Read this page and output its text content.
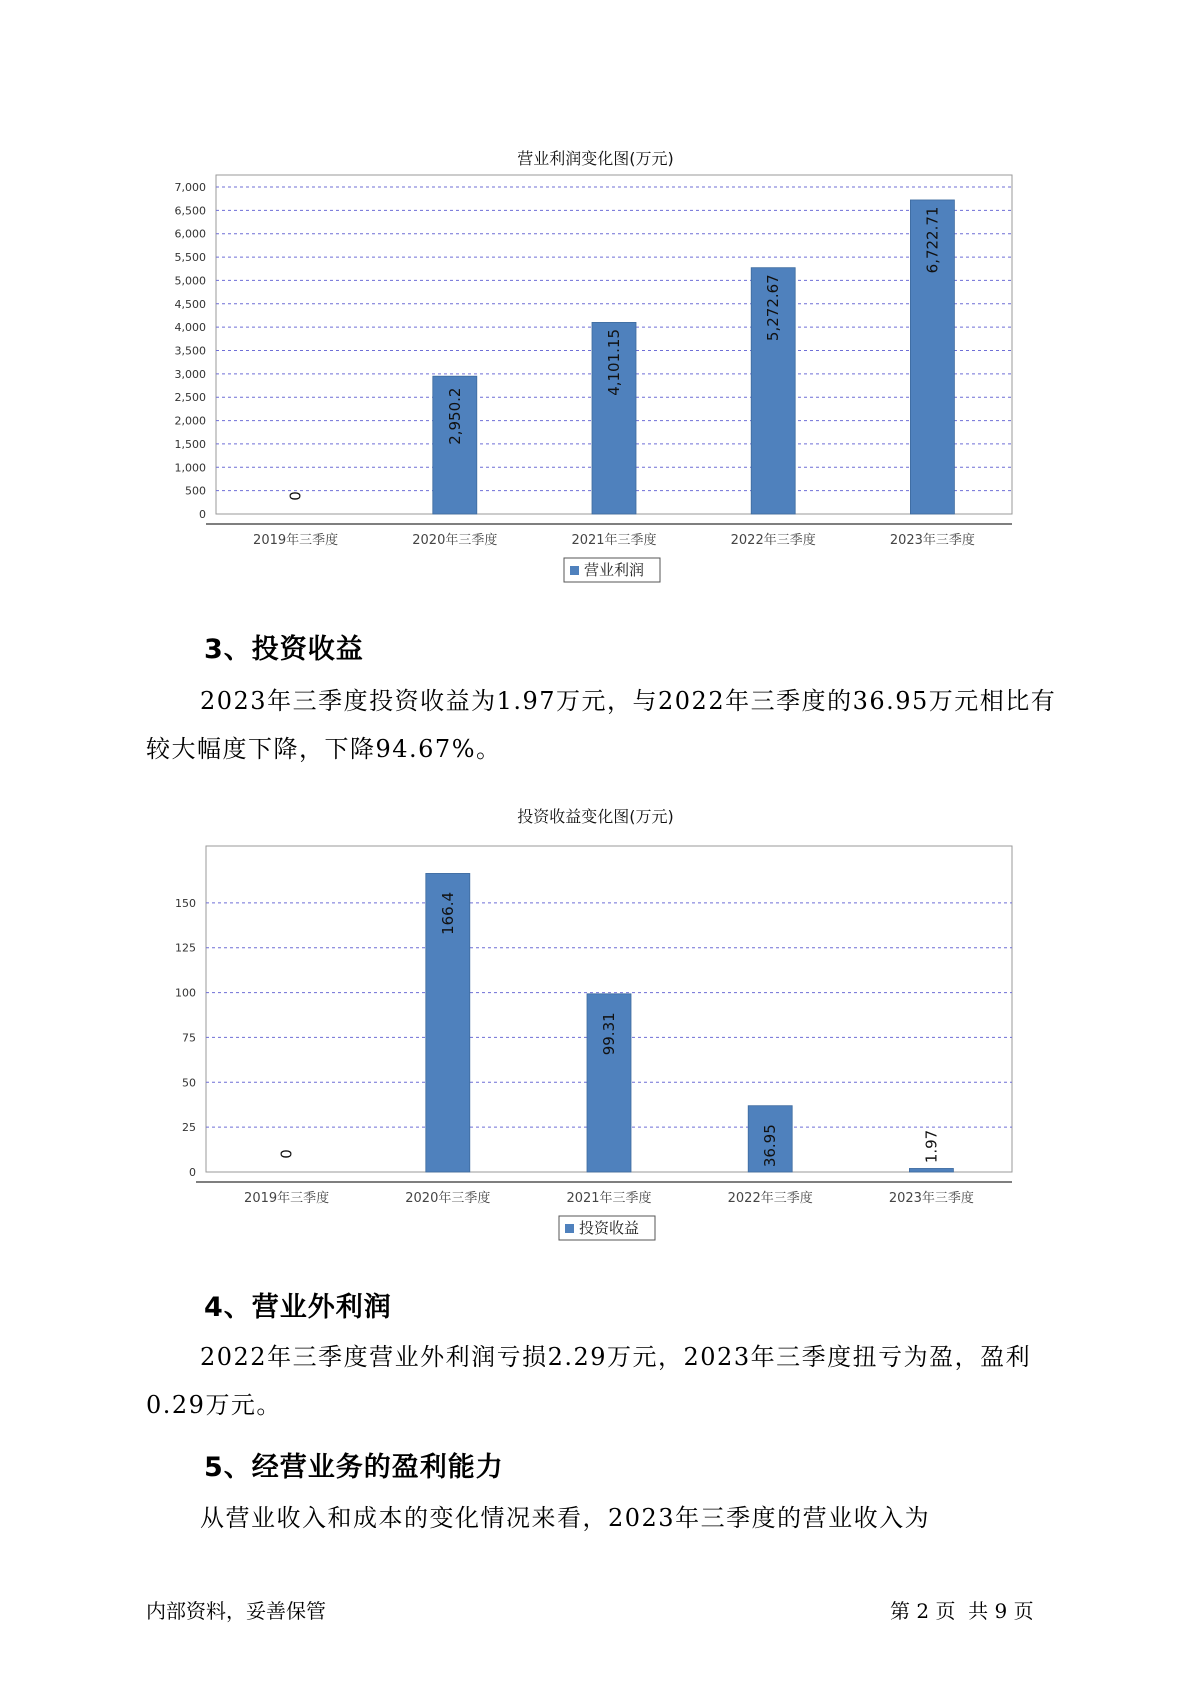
营业利润变化图(万元)
0
500
1,000
1,500
2,000
2,500
3,000
3,500
4,000
4,500
5,000
5,500
6,000
6,500
7,000
0
2019年三季度
2,950.2
2020年三季度
4,101.15
2021年三季度
5,272.67
2022年三季度
6,722.71
2023年三季度
营业利润
3、投资收益

2023年三季度投资收益为1.97万元，与2022年三季度的36.95万元相比有较大幅度下降，下降94.67%。

投资收益变化图(万元)
0
25
50
75
100
125
150
0
2019年三季度
166.4
2020年三季度
99.31
2021年三季度
36.95
2022年三季度
1.97
2023年三季度
投资收益
4、营业外利润

2022年三季度营业外利润亏损2.29万元，2023年三季度扭亏为盈，盈利0.29万元。

5、经营业务的盈利能力

从营业收入和成本的变化情况来看，2023年三季度的营业收入为

内部资料，妥善保管	第 2 页  共 9 页
